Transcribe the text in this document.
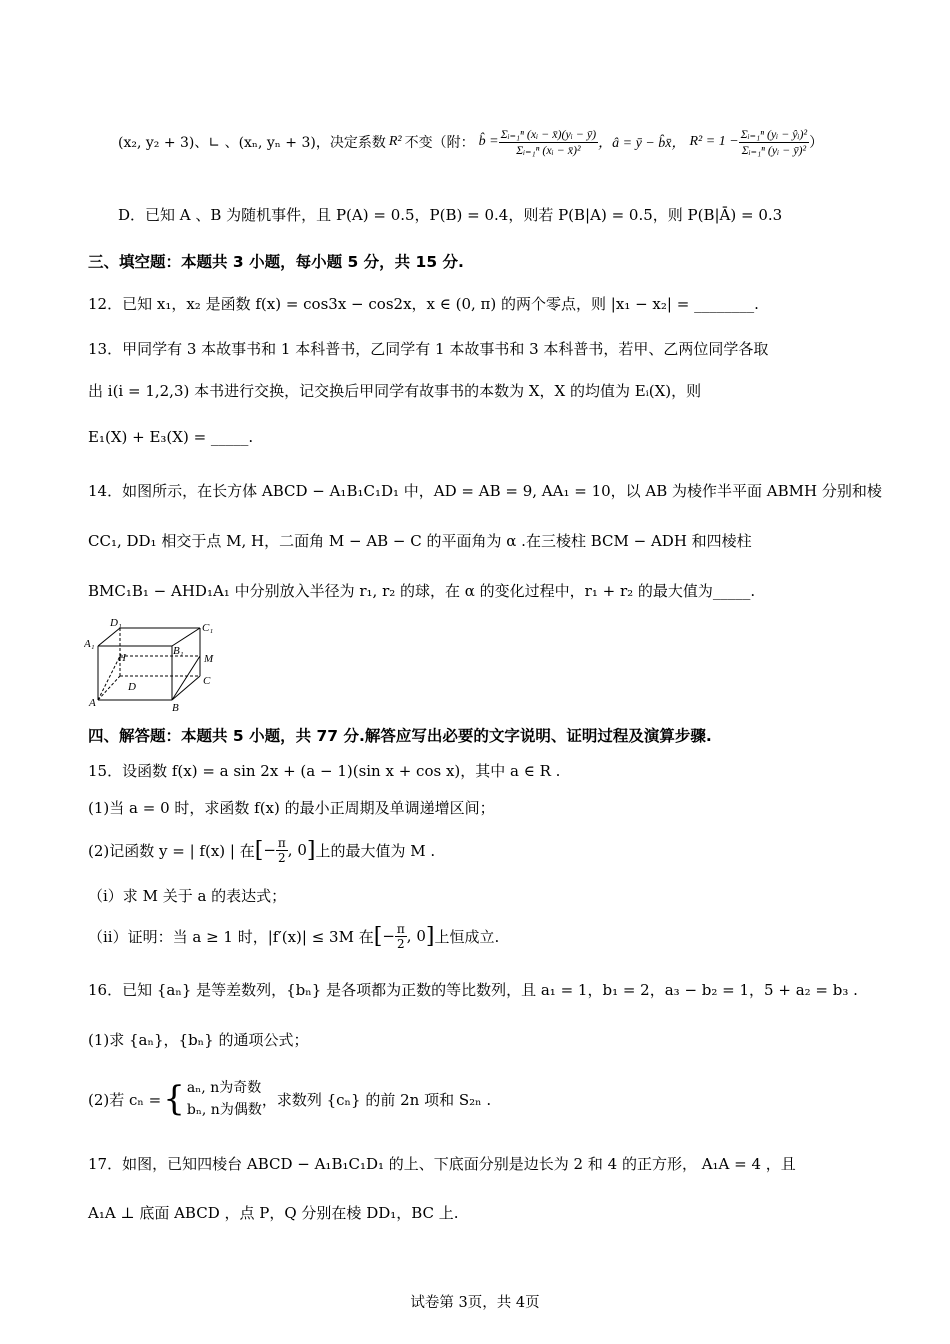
(x₂, y₂ + 3)、∟ 、(xₙ, yₙ + 3)，决定系数 R² 不变（附： b̂ = $\frac{\text{Σᵢ₌₁ⁿ (xᵢ − x̄)(yᵢ − ȳ)}}{\text{Σᵢ₌₁ⁿ (xᵢ − x̄)²}}$ ，â = ȳ − b̂x̄， $R^2 = 1 - \frac{\text{Σᵢ₌₁ⁿ (yᵢ − ŷᵢ)²}}{\text{Σᵢ₌₁ⁿ (yᵢ − ȳ)²}}$ ）
D．已知 A 、B 为随机事件，且 P(A) = 0.5，P(B) = 0.4，则若 P(B|A) = 0.5，则 P(B|Ā) = 0.3
三、填空题：本题共 3 小题，每小题 5 分，共 15 分.
12．已知 x₁，x₂ 是函数 f(x) = cos3x − cos2x，x ∈ (0, π) 的两个零点，则 |x₁ − x₂| = ________.
13．甲同学有 3 本故事书和 1 本科普书，乙同学有 1 本故事书和 3 本科普书，若甲、乙两位同学各取
出 i(i = 1,2,3) 本书进行交换，记交换后甲同学有故事书的本数为 X，X 的均值为 Eᵢ(X)，则
E₁(X) + E₃(X) = _____.
14．如图所示，在长方体 ABCD − A₁B₁C₁D₁ 中，AD = AB = 9, AA₁ = 10，以 AB 为棱作半平面 ABMH 分别和棱
CC₁, DD₁ 相交于点 M, H，二面角 M − AB − C 的平面角为 α .在三棱柱 BCM − ADH 和四棱柱
BMC₁B₁ − AHD₁A₁ 中分别放入半径为 r₁, r₂ 的球，在 α 的变化过程中，r₁ + r₂ 的最大值为_____.
D₁	C₁
A₁
B₁
H	M
D	C
A	B
四、解答题：本题共 5 小题，共 77 分.解答应写出必要的文字说明、证明过程及演算步骤.
15．设函数 f(x) = a sin 2x + (a − 1)(sin x + cos x)，其中 a ∈ R .
(1)当 a = 0 时，求函数 f(x) 的最小正周期及单调递增区间；
(2)记函数 y = | f(x) | 在 [ − $\frac{\pi}{2}$ , 0 ] 上的最大值为 M .
（i）求 M 关于 a 的表达式；
（ii）证明：当 a ≥ 1 时，|f′(x)| ≤ 3M 在 [ − $\frac{\pi}{2}$ , 0 ] 上恒成立.
16．已知 {aₙ} 是等差数列，{bₙ} 是各项都为正数的等比数列，且 a₁ = 1，b₁ = 2，a₃ − b₂ = 1，5 + a₂ = b₃ .
(1)求 {aₙ}，{bₙ} 的通项公式；
(2)若 cₙ = { aₙ, n为奇数
bₙ, n为偶数
，求数列 {cₙ} 的前 2n 项和 S₂ₙ .
17．如图，已知四棱台 ABCD − A₁B₁C₁D₁ 的上、下底面分别是边长为 2 和 4 的正方形， A₁A = 4 ，且
A₁A ⊥ 底面 ABCD ，点 P，Q 分别在棱 DD₁，BC 上.
试卷第 3页，共 4页
